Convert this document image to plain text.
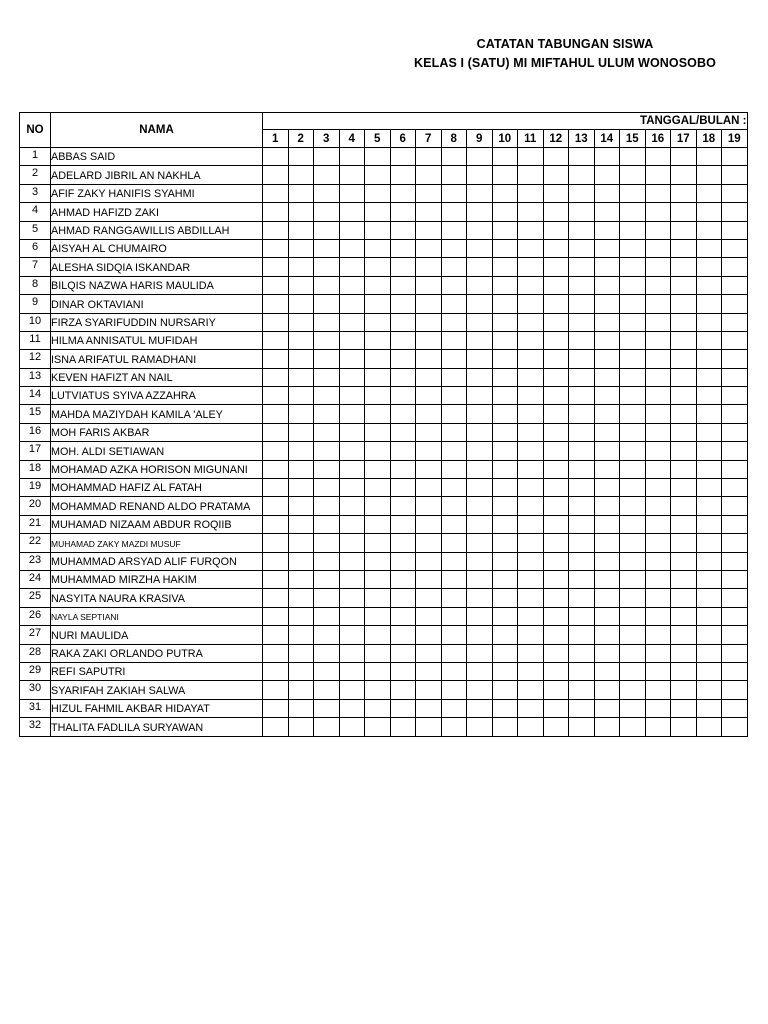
CATATAN TABUNGAN SISWA
KELAS I (SATU) MI MIFTAHUL ULUM WONOSOBO
NO	NAMA	TANGGAL/BULAN :																		
		1	2	3	4	5	6	7	8	9	10	11	12	13	14	15	16	17	18	19
1	ABBAS SAID																			
2	ADELARD JIBRIL AN NAKHLA																			
3	AFIF ZAKY HANIFIS SYAHMI																			
4	AHMAD HAFIZD ZAKI																			
5	AHMAD RANGGAWILLIS ABDILLAH																			
6	AISYAH AL CHUMAIRO																			
7	ALESHA SIDQIA ISKANDAR																			
8	BILQIS NAZWA HARIS MAULIDA																			
9	DINAR OKTAVIANI																			
10	FIRZA SYARIFUDDIN NURSARIY																			
11	HILMA ANNISATUL MUFIDAH																			
12	ISNA ARIFATUL RAMADHANI																			
13	KEVEN HAFIZT AN NAIL																			
14	LUTVIATUS SYIVA AZZAHRA																			
15	MAHDA MAZIYDAH KAMILA 'ALEY																			
16	MOH FARIS AKBAR																			
17	MOH. ALDI SETIAWAN																			
18	MOHAMAD AZKA HORISON MIGUNANI																			
19	MOHAMMAD HAFIZ AL FATAH																			
20	MOHAMMAD RENAND ALDO PRATAMA																			
21	MUHAMAD NIZAAM ABDUR ROQIIB																			
22	MUHAMAD ZAKY MAZDI MUSUF																			
23	MUHAMMAD ARSYAD ALIF FURQON																			
24	MUHAMMAD MIRZHA HAKIM																			
25	NASYITA NAURA KRASIVA																			
26	NAYLA SEPTIANI																			
27	NURI MAULIDA																			
28	RAKA ZAKI ORLANDO PUTRA																			
29	REFI SAPUTRI																			
30	SYARIFAH ZAKIAH SALWA																			
31	HIZUL FAHMIL AKBAR HIDAYAT																			
32	THALITA FADLILA SURYAWAN																			
